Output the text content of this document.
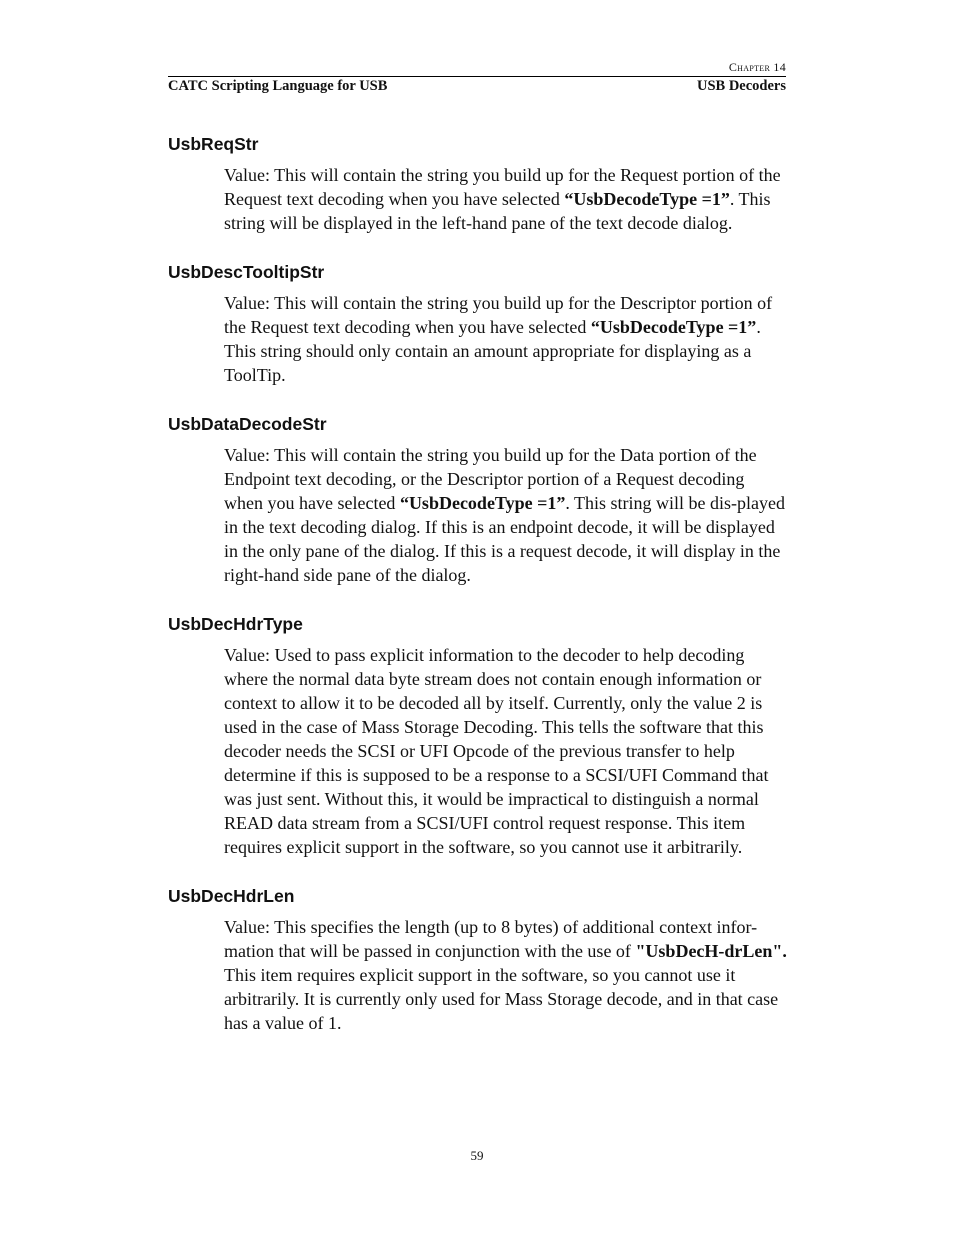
Chapter 14
CATC Scripting Language for USB	USB Decoders
UsbReqStr

Value: This will contain the string you build up for the Request portion of the Request text decoding when you have selected “UsbDecodeType =1”. This string will be displayed in the left-hand pane of the text decode dialog.

UsbDescTooltipStr

Value: This will contain the string you build up for the Descriptor portion of the Request text decoding when you have selected “UsbDecodeType =1”. This string should only contain an amount appropriate for displaying as a ToolTip.

UsbDataDecodeStr

Value: This will contain the string you build up for the Data portion of the Endpoint text decoding, or the Descriptor portion of a Request decoding when you have selected “UsbDecodeType =1”. This string will be dis-played in the text decoding dialog. If this is an endpoint decode, it will be displayed in the only pane of the dialog. If this is a request decode, it will display in the right-hand side pane of the dialog.

UsbDecHdrType

Value: Used to pass explicit information to the decoder to help decoding where the normal data byte stream does not contain enough information or context to allow it to be decoded all by itself. Currently, only the value 2 is used in the case of Mass Storage Decoding. This tells the software that this decoder needs the SCSI or UFI Opcode of the previous transfer to help determine if this is supposed to be a response to a SCSI/UFI Command that was just sent. Without this, it would be impractical to distinguish a normal READ data stream from a SCSI/UFI control request response. This item requires explicit support in the software, so you cannot use it arbitrarily.

UsbDecHdrLen

Value: This specifies the length (up to 8 bytes) of additional context infor-mation that will be passed in conjunction with the use of "UsbDecH-drLen". This item requires explicit support in the software, so you cannot use it arbitrarily. It is currently only used for Mass Storage decode, and in that case has a value of 1.

59
